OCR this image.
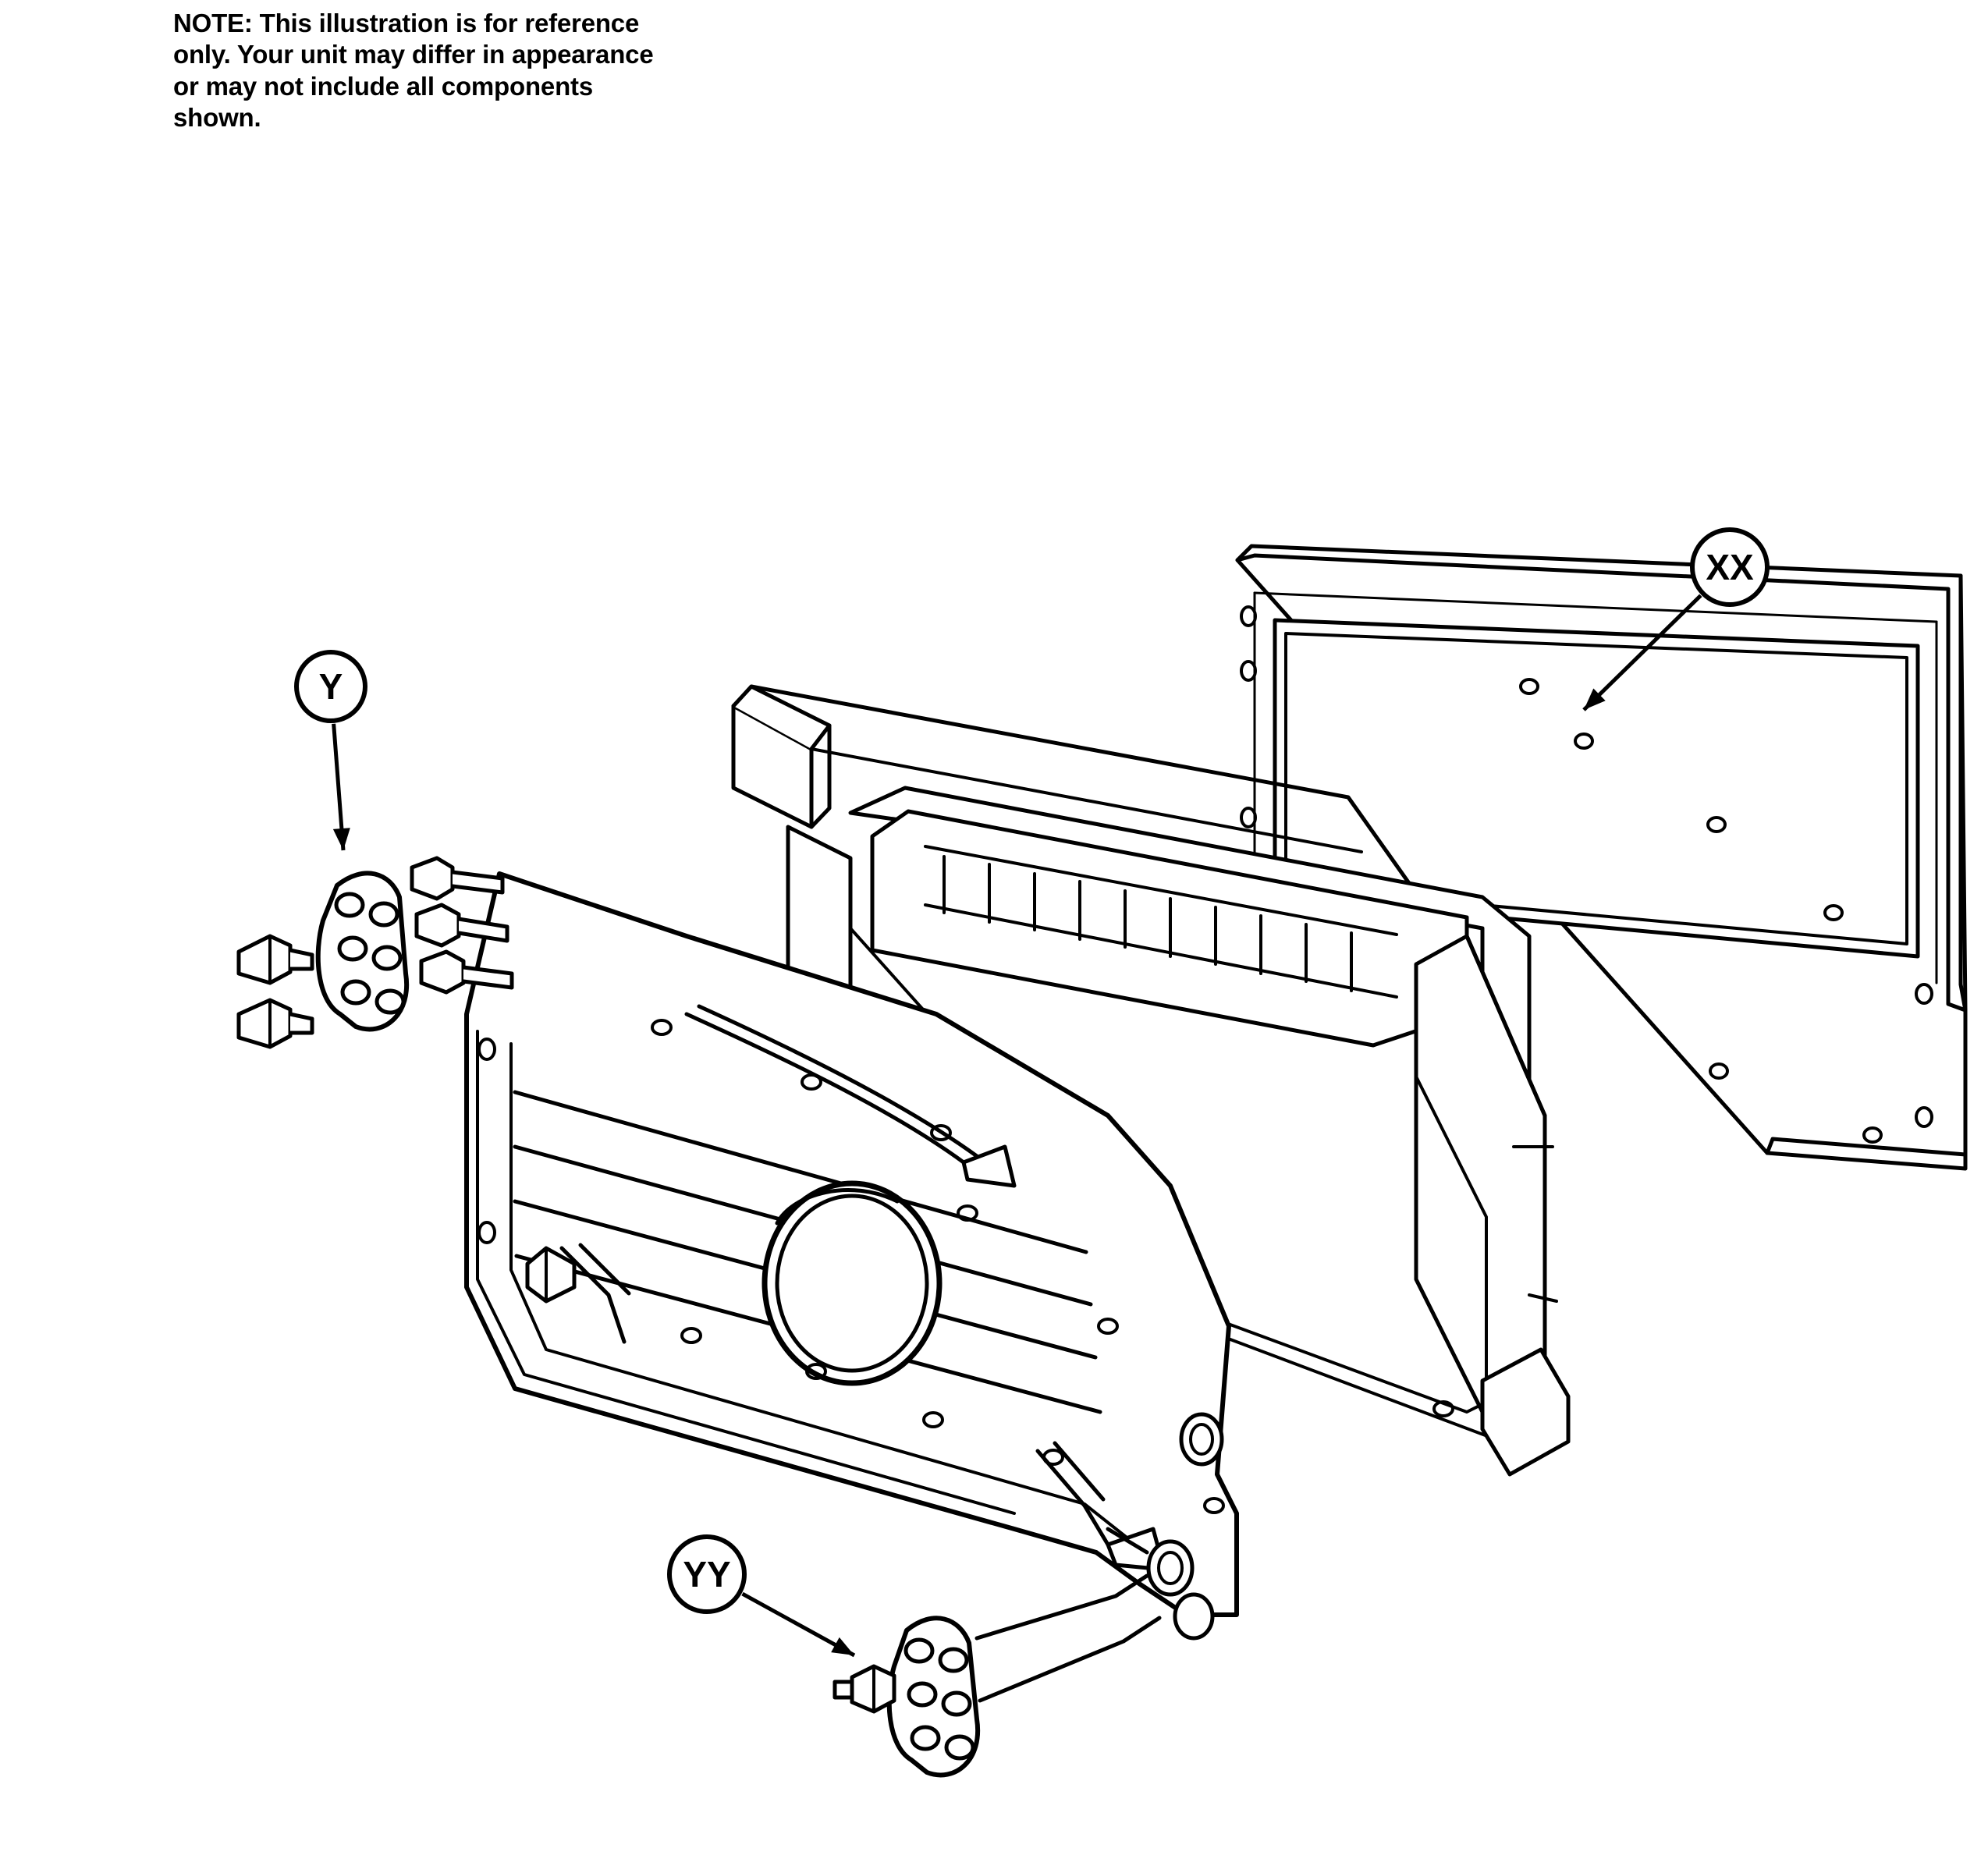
NOTE: This illustration is for reference only. Your unit may differ in appearance or may not include all components shown.
Y
XX
YY
